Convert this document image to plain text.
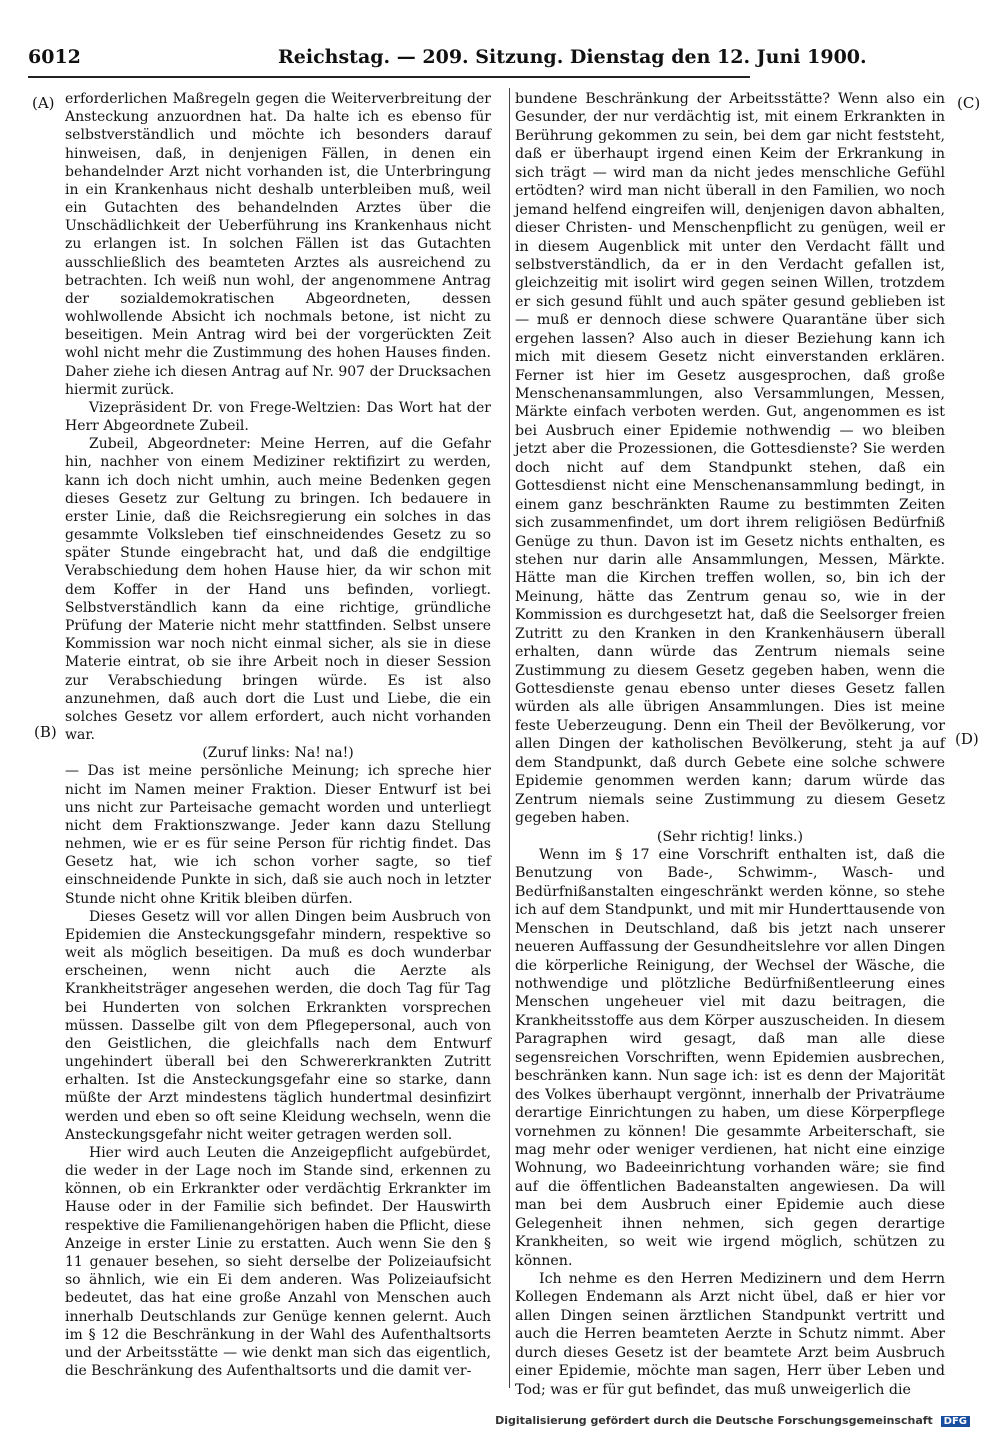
6012	Reichstag. — 209. Sitzung. Dienstag den 12. Juni 1900.
(A)
(B)
(C)
(D)

erforderlichen Maßregeln gegen die Weiterverbreitung der Ansteckung anzuordnen hat. Da halte ich es ebenso für selbstverständlich und möchte ich besonders darauf hinweisen, daß, in denjenigen Fällen, in denen ein behandelnder Arzt nicht vorhanden ist, die Unterbringung in ein Krankenhaus nicht deshalb unterbleiben muß, weil ein Gutachten des behandelnden Arztes über die Unschädlichkeit der Ueberführung ins Krankenhaus nicht zu erlangen ist. In solchen Fällen ist das Gutachten ausschließlich des beamteten Arztes als ausreichend zu betrachten. Ich weiß nun wohl, der angenommene Antrag der sozialdemokratischen Abgeordneten, dessen wohlwollende Absicht ich nochmals betone, ist nicht zu beseitigen. Mein Antrag wird bei der vorgerückten Zeit wohl nicht mehr die Zustimmung des hohen Hauses finden. Daher ziehe ich diesen Antrag auf Nr. 907 der Drucksachen hiermit zurück.

Vizepräsident Dr. von Frege-Weltzien: Das Wort hat der Herr Abgeordnete Zubeil.

Zubeil, Abgeordneter: Meine Herren, auf die Gefahr hin, nachher von einem Mediziner rektifizirt zu werden, kann ich doch nicht umhin, auch meine Bedenken gegen dieses Gesetz zur Geltung zu bringen. Ich bedauere in erster Linie, daß die Reichsregierung ein solches in das gesammte Volksleben tief einschneidendes Gesetz zu so später Stunde eingebracht hat, und daß die endgiltige Verabschiedung dem hohen Hause hier, da wir schon mit dem Koffer in der Hand uns befinden, vorliegt. Selbstverständlich kann da eine richtige, gründliche Prüfung der Materie nicht mehr stattfinden. Selbst unsere Kommission war noch nicht einmal sicher, als sie in diese Materie eintrat, ob sie ihre Arbeit noch in dieser Session zur Verabschiedung bringen würde. Es ist also anzunehmen, daß auch dort die Lust und Liebe, die ein solches Gesetz vor allem erfordert, auch nicht vorhanden war.

(Zuruf links: Na! na!)

— Das ist meine persönliche Meinung; ich spreche hier nicht im Namen meiner Fraktion. Dieser Entwurf ist bei uns nicht zur Parteisache gemacht worden und unterliegt nicht dem Fraktionszwange. Jeder kann dazu Stellung nehmen, wie er es für seine Person für richtig findet. Das Gesetz hat, wie ich schon vorher sagte, so tief einschneidende Punkte in sich, daß sie auch noch in letzter Stunde nicht ohne Kritik bleiben dürfen.

Dieses Gesetz will vor allen Dingen beim Ausbruch von Epidemien die Ansteckungsgefahr mindern, respektive so weit als möglich beseitigen. Da muß es doch wunderbar erscheinen, wenn nicht auch die Aerzte als Krankheitsträger angesehen werden, die doch Tag für Tag bei Hunderten von solchen Erkrankten vorsprechen müssen. Dasselbe gilt von dem Pflegepersonal, auch von den Geistlichen, die gleichfalls nach dem Entwurf ungehindert überall bei den Schwererkrankten Zutritt erhalten. Ist die Ansteckungsgefahr eine so starke, dann müßte der Arzt mindestens täglich hundertmal desinfizirt werden und eben so oft seine Kleidung wechseln, wenn die Ansteckungsgefahr nicht weiter getragen werden soll.

Hier wird auch Leuten die Anzeigepflicht aufgebürdet, die weder in der Lage noch im Stande sind, erkennen zu können, ob ein Erkrankter oder verdächtig Erkrankter im Hause oder in der Familie sich befindet. Der Hauswirth respektive die Familienangehörigen haben die Pflicht, diese Anzeige in erster Linie zu erstatten. Auch wenn Sie den § 11 genauer besehen, so sieht derselbe der Polizeiaufsicht so ähnlich, wie ein Ei dem anderen. Was Polizeiaufsicht bedeutet, das hat eine große Anzahl von Menschen auch innerhalb Deutschlands zur Genüge kennen gelernt. Auch im § 12 die Beschränkung in der Wahl des Aufenthaltsorts und der Arbeitsstätte — wie denkt man sich das eigentlich, die Beschränkung des Aufenthaltsorts und die damit ver-

bundene Beschränkung der Arbeitsstätte? Wenn also ein Gesunder, der nur verdächtig ist, mit einem Erkrankten in Berührung gekommen zu sein, bei dem gar nicht feststeht, daß er überhaupt irgend einen Keim der Erkrankung in sich trägt — wird man da nicht jedes menschliche Gefühl ertödten? wird man nicht überall in den Familien, wo noch jemand helfend eingreifen will, denjenigen davon abhalten, dieser Christen- und Menschenpflicht zu genügen, weil er in diesem Augenblick mit unter den Verdacht fällt und selbstverständlich, da er in den Verdacht gefallen ist, gleichzeitig mit isolirt wird gegen seinen Willen, trotzdem er sich gesund fühlt und auch später gesund geblieben ist — muß er dennoch diese schwere Quarantäne über sich ergehen lassen? Also auch in dieser Beziehung kann ich mich mit diesem Gesetz nicht einverstanden erklären. Ferner ist hier im Gesetz ausgesprochen, daß große Menschenansammlungen, also Versammlungen, Messen, Märkte einfach verboten werden. Gut, angenommen es ist bei Ausbruch einer Epidemie nothwendig — wo bleiben jetzt aber die Prozessionen, die Gottesdienste? Sie werden doch nicht auf dem Standpunkt stehen, daß ein Gottesdienst nicht eine Menschenansammlung bedingt, in einem ganz beschränkten Raume zu bestimmten Zeiten sich zusammenfindet, um dort ihrem religiösen Bedürfniß Genüge zu thun. Davon ist im Gesetz nichts enthalten, es stehen nur darin alle Ansammlungen, Messen, Märkte. Hätte man die Kirchen treffen wollen, so, bin ich der Meinung, hätte das Zentrum genau so, wie in der Kommission es durchgesetzt hat, daß die Seelsorger freien Zutritt zu den Kranken in den Krankenhäusern überall erhalten, dann würde das Zentrum niemals seine Zustimmung zu diesem Gesetz gegeben haben, wenn die Gottesdienste genau ebenso unter dieses Gesetz fallen würden als alle übrigen Ansammlungen. Dies ist meine feste Ueberzeugung. Denn ein Theil der Bevölkerung, vor allen Dingen der katholischen Bevölkerung, steht ja auf dem Standpunkt, daß durch Gebete eine solche schwere Epidemie genommen werden kann; darum würde das Zentrum niemals seine Zustimmung zu diesem Gesetz gegeben haben.

(Sehr richtig! links.)

Wenn im § 17 eine Vorschrift enthalten ist, daß die Benutzung von Bade-, Schwimm-, Wasch- und Bedürfnißanstalten eingeschränkt werden könne, so stehe ich auf dem Standpunkt, und mit mir Hunderttausende von Menschen in Deutschland, daß bis jetzt nach unserer neueren Auffassung der Gesundheitslehre vor allen Dingen die körperliche Reinigung, der Wechsel der Wäsche, die nothwendige und plötzliche Bedürfnißentleerung eines Menschen ungeheuer viel mit dazu beitragen, die Krankheitsstoffe aus dem Körper auszuscheiden. In diesem Paragraphen wird gesagt, daß man alle diese segensreichen Vorschriften, wenn Epidemien ausbrechen, beschränken kann. Nun sage ich: ist es denn der Majorität des Volkes überhaupt vergönnt, innerhalb der Privaträume derartige Einrichtungen zu haben, um diese Körperpflege vornehmen zu können! Die gesammte Arbeiterschaft, sie mag mehr oder weniger verdienen, hat nicht eine einzige Wohnung, wo Badeeinrichtung vorhanden wäre; sie find auf die öffentlichen Badeanstalten angewiesen. Da will man bei dem Ausbruch einer Epidemie auch diese Gelegenheit ihnen nehmen, sich gegen derartige Krankheiten, so weit wie irgend möglich, schützen zu können.

Ich nehme es den Herren Medizinern und dem Herrn Kollegen Endemann als Arzt nicht übel, daß er hier vor allen Dingen seinen ärztlichen Standpunkt vertritt und auch die Herren beamteten Aerzte in Schutz nimmt. Aber durch dieses Gesetz ist der beamtete Arzt beim Ausbruch einer Epidemie, möchte man sagen, Herr über Leben und Tod; was er für gut befindet, das muß unweigerlich die

Digitalisierung gefördert durch die Deutsche Forschungsgemeinschaft DFG
